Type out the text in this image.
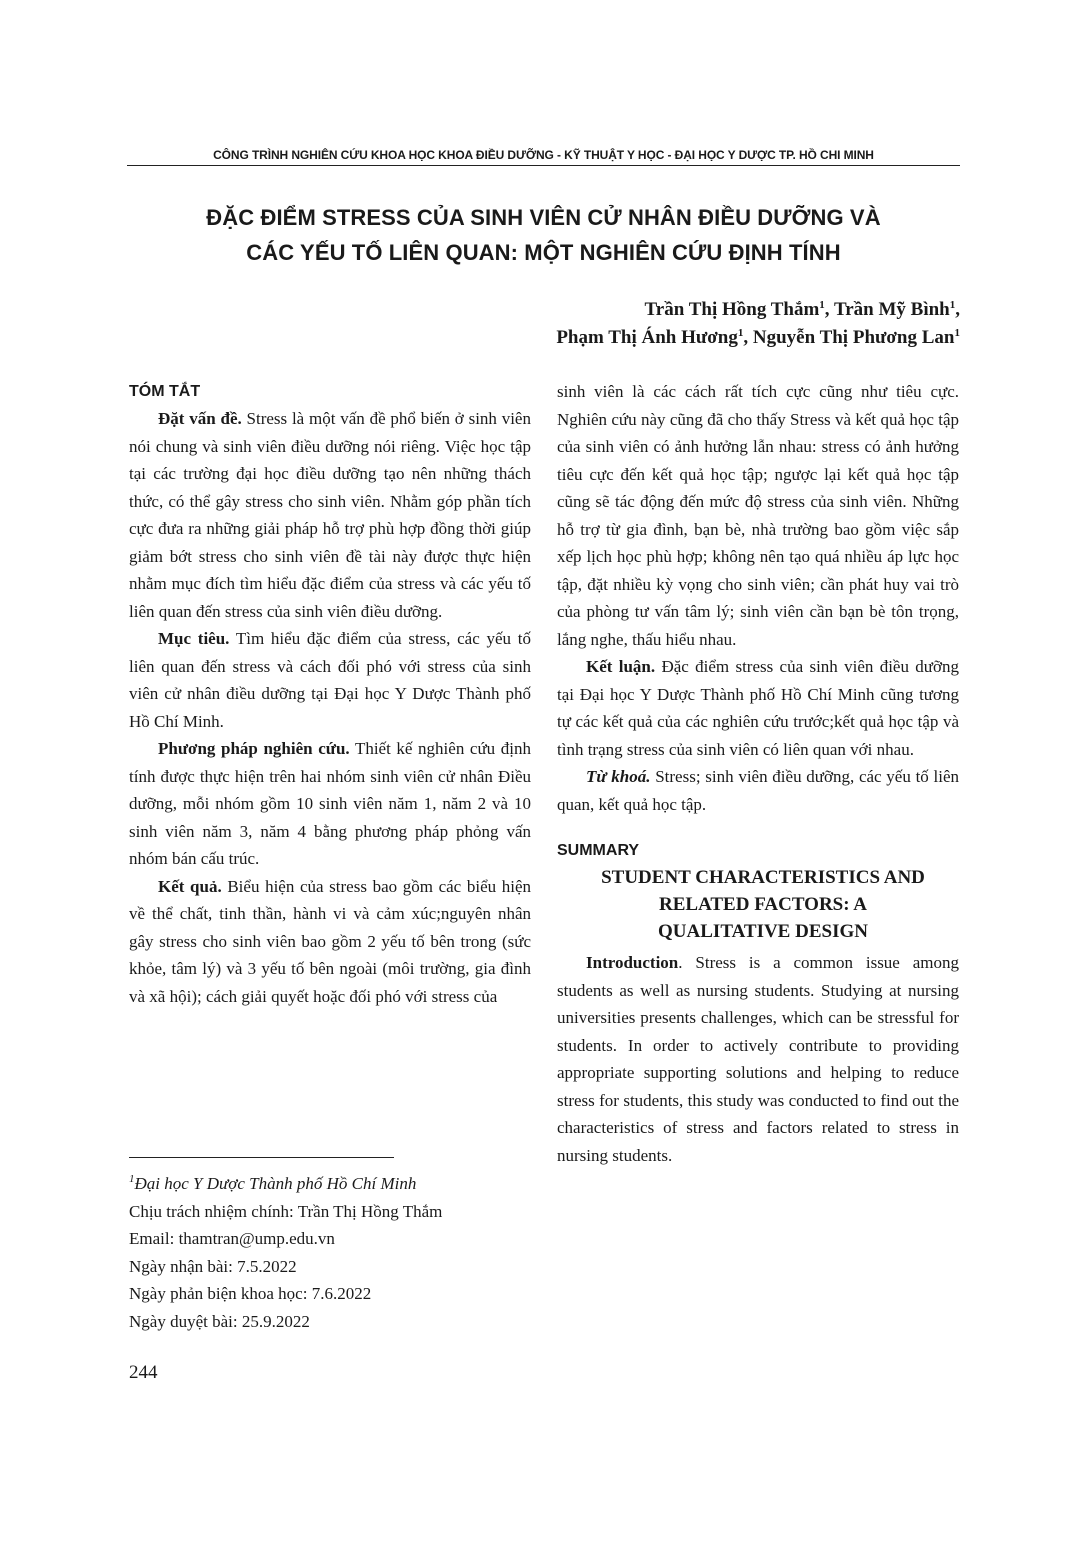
CÔNG TRÌNH NGHIÊN CỨU KHOA HỌC KHOA ĐIỀU DƯỠNG - KỸ THUẬT Y HỌC - ĐẠI HỌC Y DƯỢC TP. HỒ CHI MINH
ĐẶC ĐIỂM STRESS CỦA SINH VIÊN CỬ NHÂN ĐIỀU DƯỠNG VÀ
CÁC YẾU TỐ LIÊN QUAN: MỘT NGHIÊN CỨU ĐỊNH TÍNH
Trần Thị Hồng Thắm$^1$, Trần Mỹ Bình$^1$,
Phạm Thị Ánh Hương$^1$, Nguyễn Thị Phương Lan$^1$
TÓM TẮT

Đặt vấn đề. Stress là một vấn đề phổ biến ở sinh viên nói chung và sinh viên điều dưỡng nói riêng. Việc học tập tại các trường đại học điều dưỡng tạo nên những thách thức, có thể gây stress cho sinh viên. Nhằm góp phần tích cực đưa ra những giải pháp hỗ trợ phù hợp đồng thời giúp giảm bớt stress cho sinh viên đề tài này được thực hiện nhằm mục đích tìm hiểu đặc điểm của stress và các yếu tố liên quan đến stress của sinh viên điều dưỡng.

Mục tiêu. Tìm hiểu đặc điểm của stress, các yếu tố liên quan đến stress và cách đối phó với stress của sinh viên cử nhân điều dưỡng tại Đại học Y Dược Thành phố Hồ Chí Minh.

Phương pháp nghiên cứu. Thiết kế nghiên cứu định tính được thực hiện trên hai nhóm sinh viên cử nhân Điều dưỡng, mỗi nhóm gồm 10 sinh viên năm 1, năm 2 và 10 sinh viên năm 3, năm 4 bằng phương pháp phỏng vấn nhóm bán cấu trúc.

Kết quả. Biểu hiện của stress bao gồm các biểu hiện về thể chất, tinh thần, hành vi và cảm xúc;nguyên nhân gây stress cho sinh viên bao gồm 2 yếu tố bên trong (sức khỏe, tâm lý) và 3 yếu tố bên ngoài (môi trường, gia đình và xã hội); cách giải quyết hoặc đối phó với stress của

$^1$Đại học Y Dược Thành phố Hồ Chí Minh
Chịu trách nhiệm chính: Trần Thị Hồng Thắm
Email: thamtran@ump.edu.vn
Ngày nhận bài: 7.5.2022
Ngày phản biện khoa học: 7.6.2022
Ngày duyệt bài: 25.9.2022

sinh viên là các cách rất tích cực cũng như tiêu cực. Nghiên cứu này cũng đã cho thấy Stress và kết quả học tập của sinh viên có ảnh hưởng lẫn nhau: stress có ảnh hưởng tiêu cực đến kết quả học tập; ngược lại kết quả học tập cũng sẽ tác động đến mức độ stress của sinh viên. Những hỗ trợ từ gia đình, bạn bè, nhà trường bao gồm việc sắp xếp lịch học phù hợp; không nên tạo quá nhiều áp lực học tập, đặt nhiều kỳ vọng cho sinh viên; cần phát huy vai trò của phòng tư vấn tâm lý; sinh viên cần bạn bè tôn trọng, lắng nghe, thấu hiểu nhau.

Kết luận. Đặc điểm stress của sinh viên điều dưỡng tại Đại học Y Dược Thành phố Hồ Chí Minh cũng tương tự các kết quả của các nghiên cứu trước;kết quả học tập và tình trạng stress của sinh viên có liên quan với nhau.

Từ khoá. Stress; sinh viên điều dưỡng, các yếu tố liên quan, kết quả học tập.

SUMMARY
STUDENT CHARACTERISTICS AND
RELATED FACTORS: A
QUALITATIVE DESIGN

Introduction. Stress is a common issue among students as well as nursing students. Studying at nursing universities presents challenges, which can be stressful for students. In order to actively contribute to providing appropriate supporting solutions and helping to reduce stress for students, this study was conducted to find out the characteristics of stress and factors related to stress in nursing students.

244
